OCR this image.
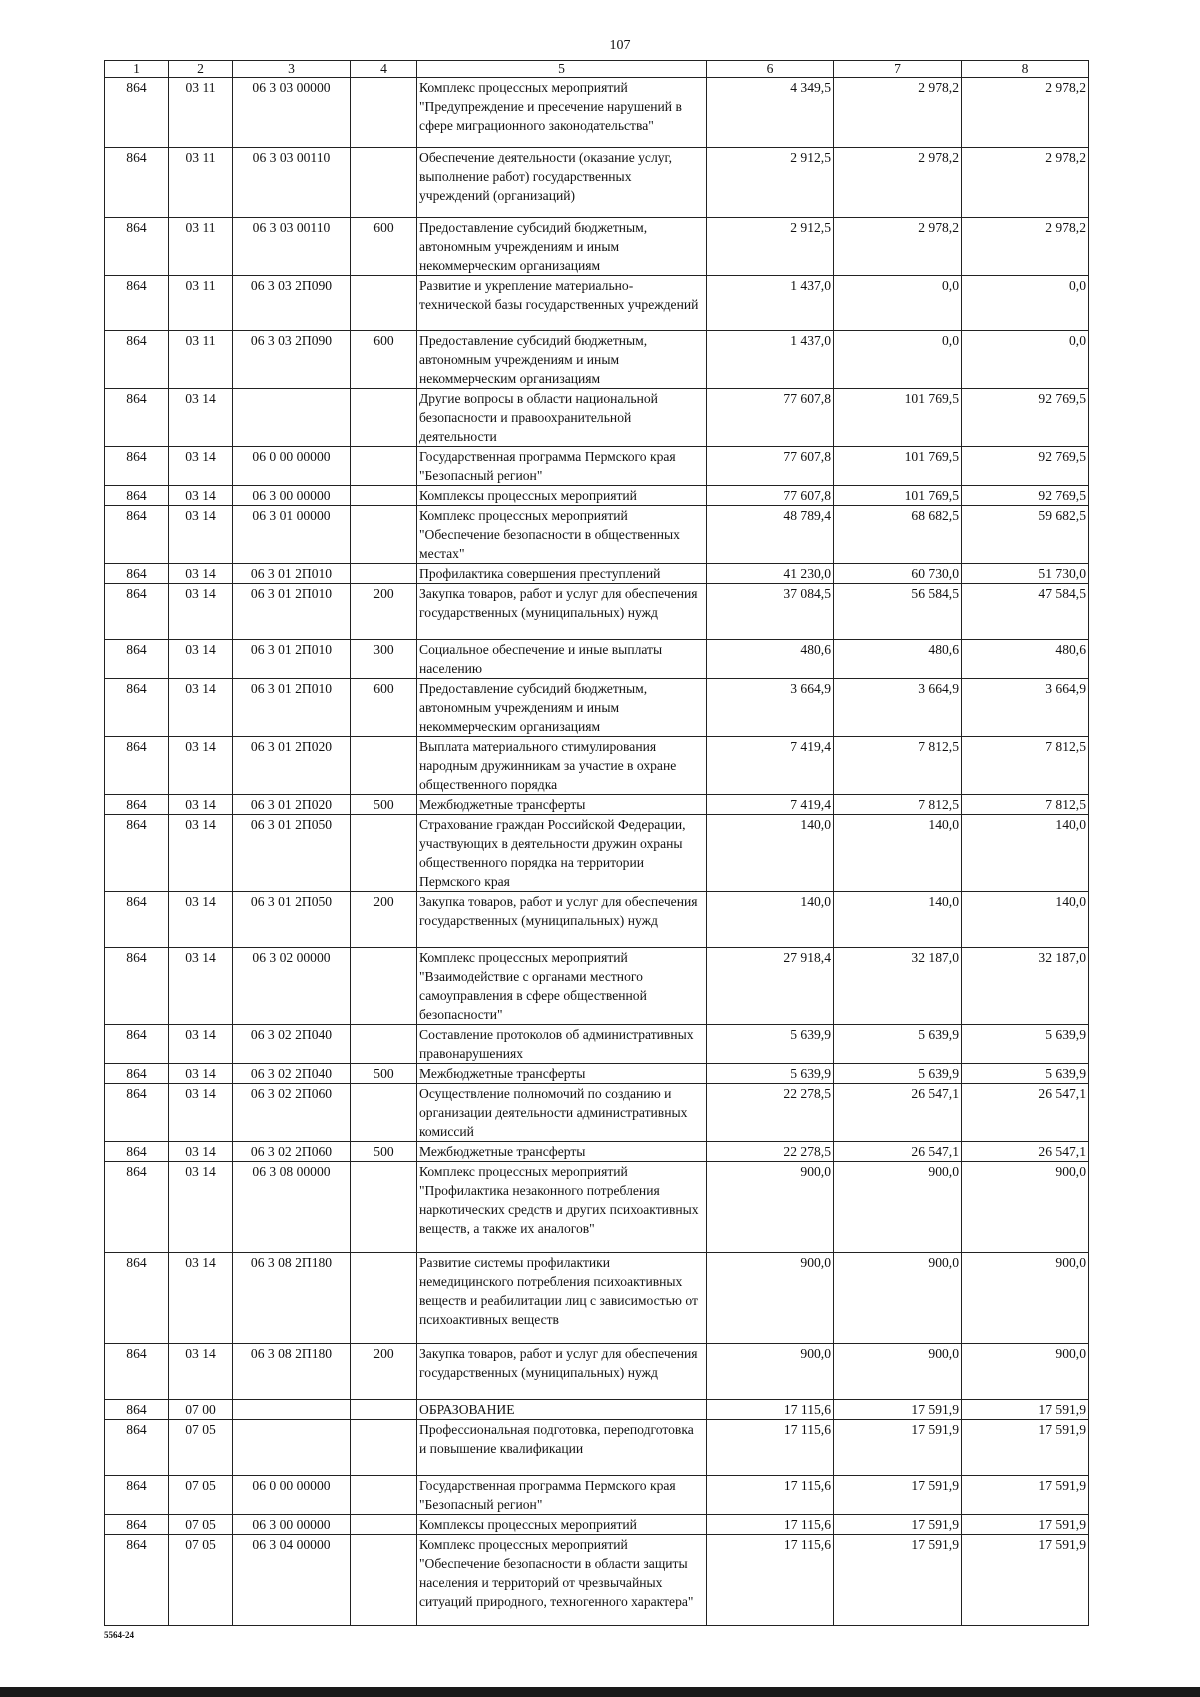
107
1	2	3	4	5	6	7	8
864	03 11	06 3 03 00000		Комплекс процессных мероприятий "Предупреждение и пресечение нарушений в сфере миграционного законодательства"	4 349,5	2 978,2	2 978,2
864	03 11	06 3 03 00110		Обеспечение деятельности (оказание услуг, выполнение работ) государственных учреждений (организаций)	2 912,5	2 978,2	2 978,2
864	03 11	06 3 03 00110	600	Предоставление субсидий бюджетным, автономным учреждениям и иным некоммерческим организациям	2 912,5	2 978,2	2 978,2
864	03 11	06 3 03 2П090		Развитие и укрепление материально-технической базы государственных учреждений	1 437,0	0,0	0,0
864	03 11	06 3 03 2П090	600	Предоставление субсидий бюджетным, автономным учреждениям и иным некоммерческим организациям	1 437,0	0,0	0,0
864	03 14			Другие вопросы в области национальной безопасности и правоохранительной деятельности	77 607,8	101 769,5	92 769,5
864	03 14	06 0 00 00000		Государственная программа Пермского края "Безопасный регион"	77 607,8	101 769,5	92 769,5
864	03 14	06 3 00 00000		Комплексы процессных мероприятий	77 607,8	101 769,5	92 769,5
864	03 14	06 3 01 00000		Комплекс процессных мероприятий "Обеспечение безопасности в общественных местах"	48 789,4	68 682,5	59 682,5
864	03 14	06 3 01 2П010		Профилактика совершения преступлений	41 230,0	60 730,0	51 730,0
864	03 14	06 3 01 2П010	200	Закупка товаров, работ и услуг для обеспечения государственных (муниципальных) нужд	37 084,5	56 584,5	47 584,5
864	03 14	06 3 01 2П010	300	Социальное обеспечение и иные выплаты населению	480,6	480,6	480,6
864	03 14	06 3 01 2П010	600	Предоставление субсидий бюджетным, автономным учреждениям и иным некоммерческим организациям	3 664,9	3 664,9	3 664,9
864	03 14	06 3 01 2П020		Выплата материального стимулирования народным дружинникам за участие в охране общественного порядка	7 419,4	7 812,5	7 812,5
864	03 14	06 3 01 2П020	500	Межбюджетные трансферты	7 419,4	7 812,5	7 812,5
864	03 14	06 3 01 2П050		Страхование граждан Российской Федерации, участвующих в деятельности дружин охраны общественного порядка на территории Пермского края	140,0	140,0	140,0
864	03 14	06 3 01 2П050	200	Закупка товаров, работ и услуг для обеспечения государственных (муниципальных) нужд	140,0	140,0	140,0
864	03 14	06 3 02 00000		Комплекс процессных мероприятий "Взаимодействие с органами местного самоуправления в сфере общественной безопасности"	27 918,4	32 187,0	32 187,0
864	03 14	06 3 02 2П040		Составление протоколов об административных правонарушениях	5 639,9	5 639,9	5 639,9
864	03 14	06 3 02 2П040	500	Межбюджетные трансферты	5 639,9	5 639,9	5 639,9
864	03 14	06 3 02 2П060		Осуществление полномочий по созданию и организации деятельности административных комиссий	22 278,5	26 547,1	26 547,1
864	03 14	06 3 02 2П060	500	Межбюджетные трансферты	22 278,5	26 547,1	26 547,1
864	03 14	06 3 08 00000		Комплекс процессных мероприятий "Профилактика незаконного потребления наркотических средств и других психоактивных веществ, а также их аналогов"	900,0	900,0	900,0
864	03 14	06 3 08 2П180		Развитие системы профилактики немедицинского потребления психоактивных веществ и реабилитации лиц с зависимостью от психоактивных веществ	900,0	900,0	900,0
864	03 14	06 3 08 2П180	200	Закупка товаров, работ и услуг для обеспечения государственных (муниципальных) нужд	900,0	900,0	900,0
864	07 00			ОБРАЗОВАНИЕ	17 115,6	17 591,9	17 591,9
864	07 05			Профессиональная подготовка, переподготовка и повышение квалификации	17 115,6	17 591,9	17 591,9
864	07 05	06 0 00 00000		Государственная программа Пермского края "Безопасный регион"	17 115,6	17 591,9	17 591,9
864	07 05	06 3 00 00000		Комплексы процессных мероприятий	17 115,6	17 591,9	17 591,9
864	07 05	06 3 04 00000		Комплекс процессных мероприятий "Обеспечение безопасности в области защиты населения и территорий от чрезвычайных ситуаций природного, техногенного характера"	17 115,6	17 591,9	17 591,9
5564-24
